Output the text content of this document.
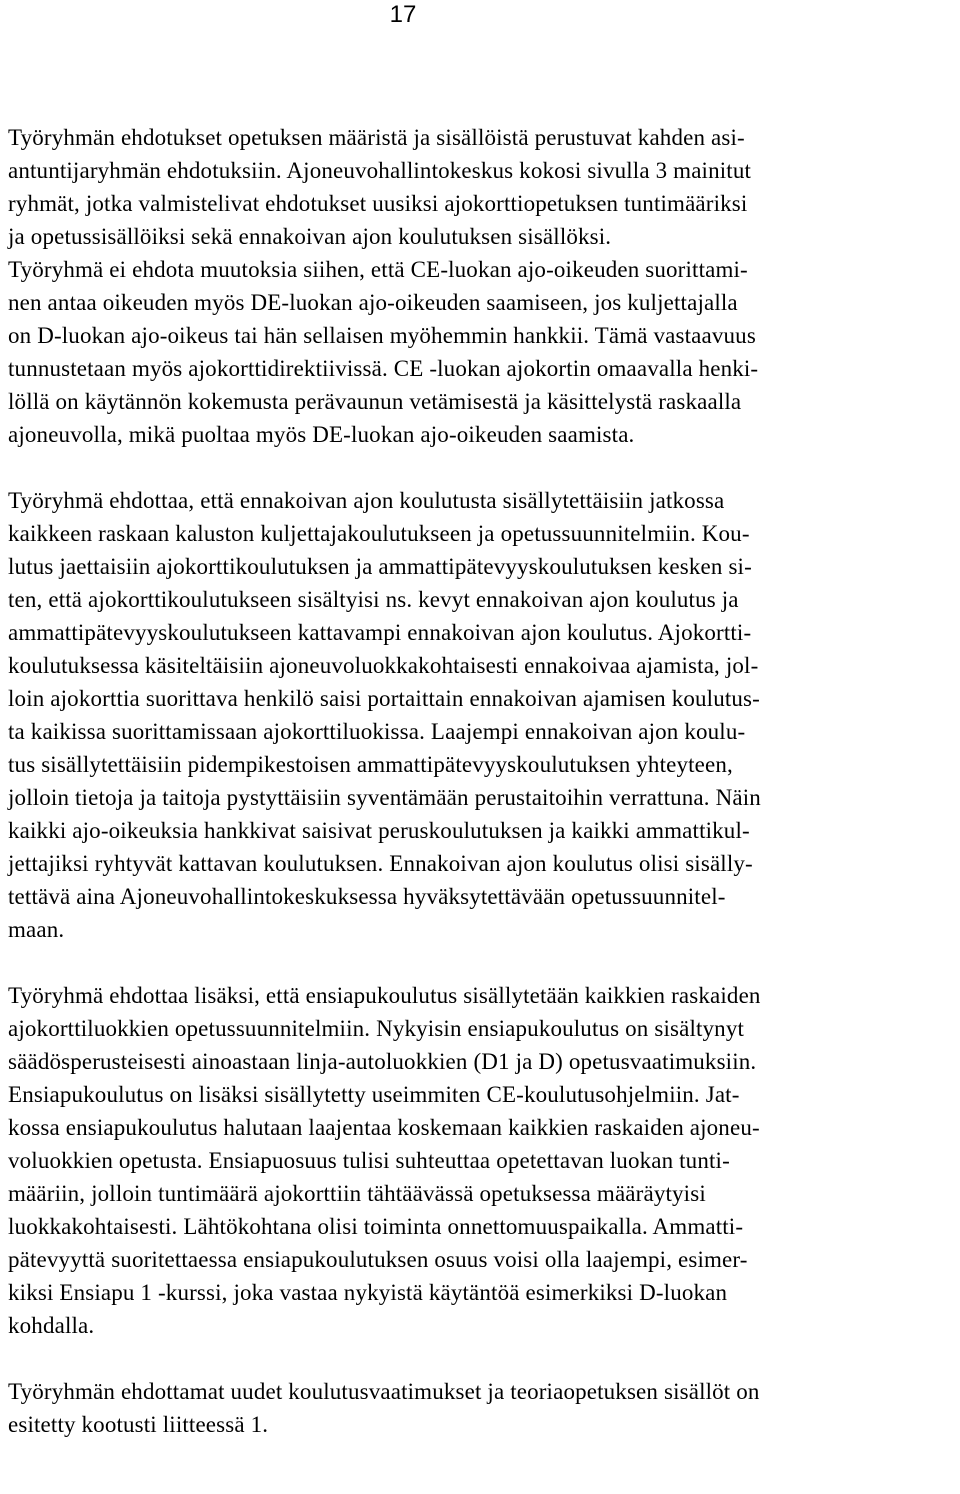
17
Työryhmän ehdotukset opetuksen määristä ja sisällöistä perustuvat kahden asi-
antuntijaryhmän ehdotuksiin. Ajoneuvohallintokeskus kokosi sivulla 3 mainitut
ryhmät, jotka valmistelivat ehdotukset uusiksi ajokorttiopetuksen tuntimääriksi
ja opetussisällöiksi sekä ennakoivan ajon koulutuksen sisällöksi.
Työryhmä ei ehdota muutoksia siihen, että CE-luokan ajo-oikeuden suorittami-
nen antaa oikeuden myös DE-luokan ajo-oikeuden saamiseen, jos kuljettajalla
on D-luokan ajo-oikeus tai hän sellaisen myöhemmin hankkii. Tämä vastaavuus
tunnustetaan myös ajokorttidirektiivissä. CE -luokan ajokortin omaavalla henki-
löllä on käytännön kokemusta perävaunun vetämisestä ja käsittelystä raskaalla
ajoneuvolla, mikä puoltaa myös DE-luokan ajo-oikeuden saamista.
Työryhmä ehdottaa, että ennakoivan ajon koulutusta sisällytettäisiin jatkossa
kaikkeen raskaan kaluston kuljettajakoulutukseen ja opetussuunnitelmiin. Kou-
lutus jaettaisiin ajokorttikoulutuksen ja ammattipätevyyskoulutuksen kesken si-
ten, että ajokorttikoulutukseen sisältyisi ns. kevyt ennakoivan ajon koulutus ja
ammattipätevyyskoulutukseen kattavampi ennakoivan ajon koulutus. Ajokortti-
koulutuksessa käsiteltäisiin ajoneuvoluokkakohtaisesti ennakoivaa ajamista, jol-
loin ajokorttia suorittava henkilö saisi portaittain ennakoivan ajamisen koulutus-
ta kaikissa suorittamissaan ajokorttiluokissa. Laajempi ennakoivan ajon koulu-
tus sisällytettäisiin pidempikestoisen ammattipätevyyskoulutuksen yhteyteen,
jolloin tietoja ja taitoja pystyttäisiin syventämään perustaitoihin verrattuna. Näin
kaikki ajo-oikeuksia hankkivat saisivat peruskoulutuksen ja kaikki ammattikul-
jettajiksi ryhtyvät kattavan koulutuksen. Ennakoivan ajon koulutus olisi sisälly-
tettävä aina Ajoneuvohallintokeskuksessa hyväksytettävään opetussuunnitel-
maan.
Työryhmä ehdottaa lisäksi, että ensiapukoulutus sisällytetään kaikkien raskaiden
ajokorttiluokkien opetussuunnitelmiin. Nykyisin ensiapukoulutus on sisältynyt
säädösperusteisesti ainoastaan linja-autoluokkien (D1 ja D) opetusvaatimuksiin.
Ensiapukoulutus on lisäksi sisällytetty useimmiten CE-koulutusohjelmiin. Jat-
kossa ensiapukoulutus halutaan laajentaa koskemaan kaikkien raskaiden ajoneu-
voluokkien opetusta. Ensiapuosuus tulisi suhteuttaa opetettavan luokan tunti-
määriin, jolloin tuntimäärä ajokorttiin tähtäävässä opetuksessa määräytyisi
luokkakohtaisesti. Lähtökohtana olisi toiminta onnettomuuspaikalla. Ammatti-
pätevyyttä suoritettaessa ensiapukoulutuksen osuus voisi olla laajempi, esimer-
kiksi Ensiapu 1 -kurssi, joka vastaa nykyistä käytäntöä esimerkiksi D-luokan
kohdalla.
Työryhmän ehdottamat uudet koulutusvaatimukset ja teoriaopetuksen sisällöt on
esitetty kootusti liitteessä 1.
